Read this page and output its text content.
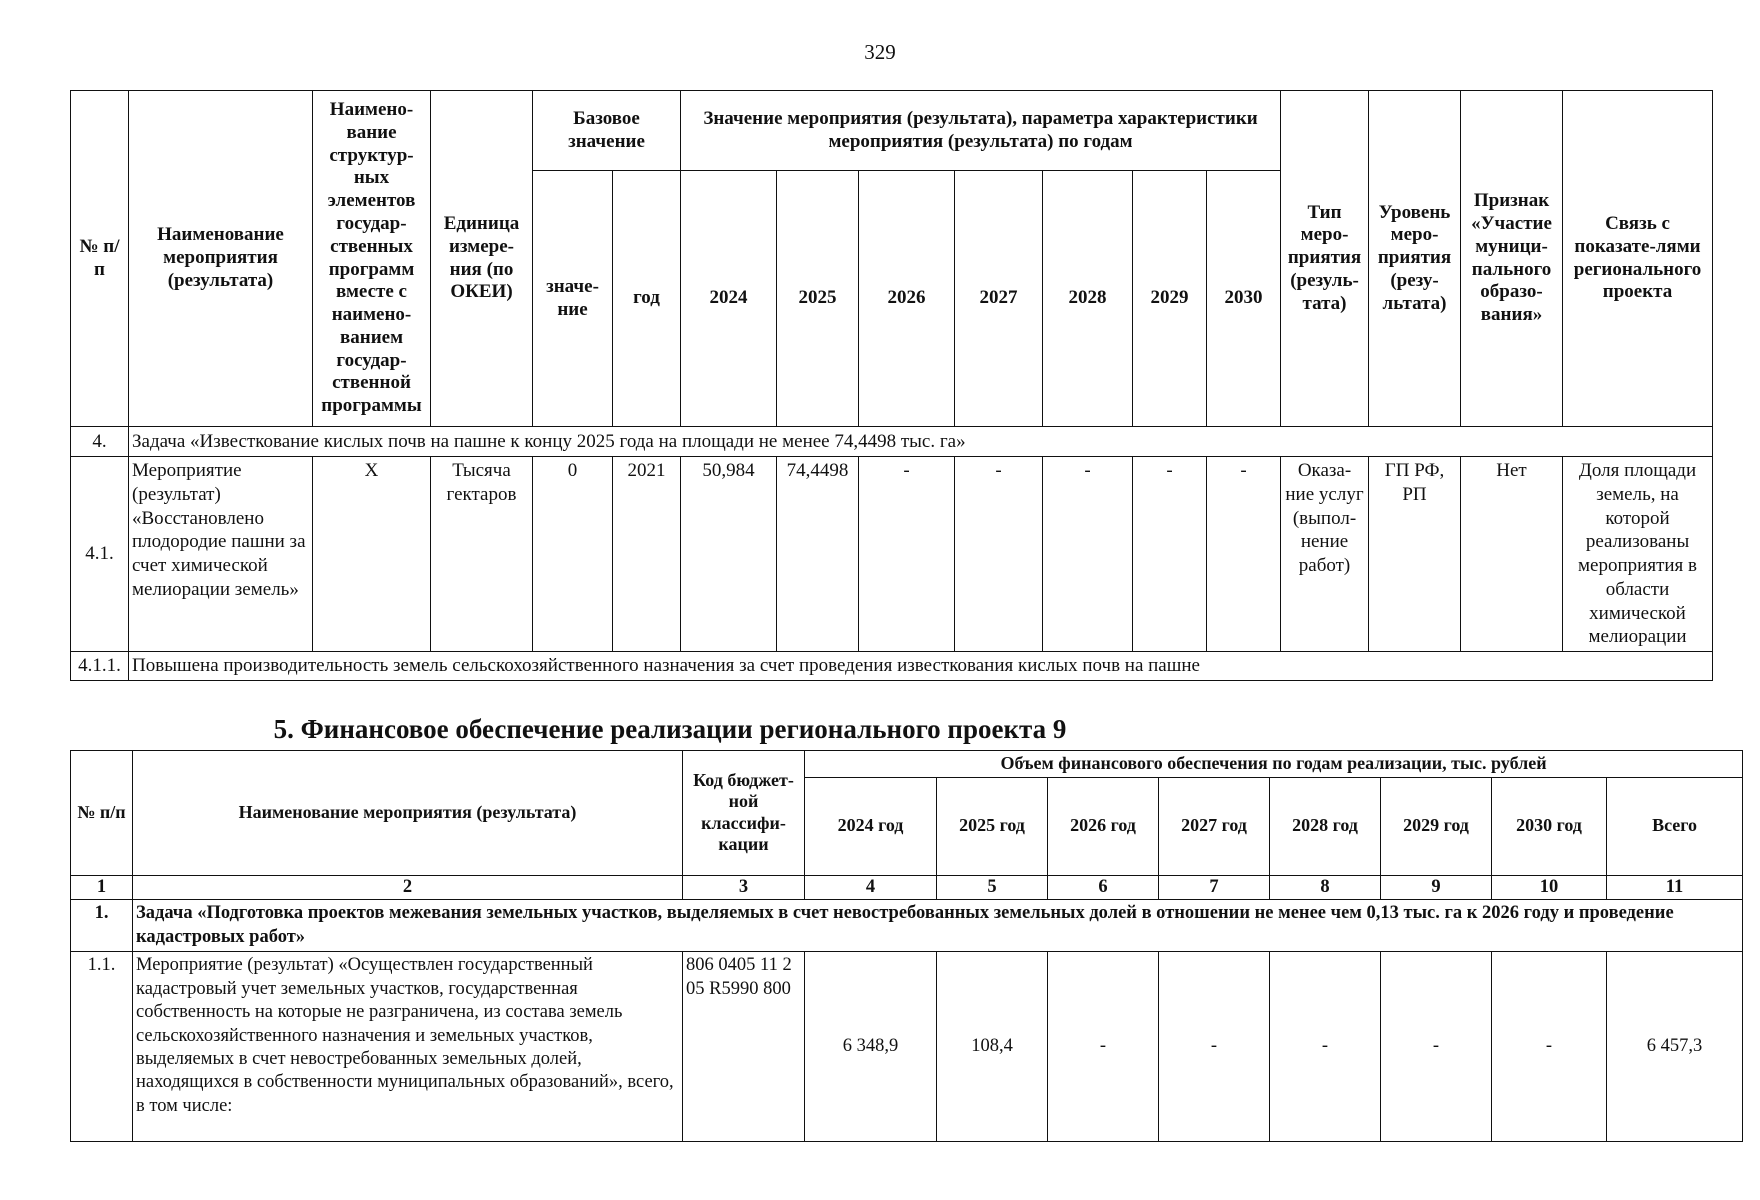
329
№ п/п	Наименование мероприятия (результата)	Наимено-вание структур-ных элементов государ-ственных программ вместе с наимено-ванием государ-ственной программы	Единица измере-ния (по ОКЕИ)	Базовое значение		Значение мероприятия (результата), параметра характеристики мероприятия (результата) по годам							Тип меро-приятия (резуль-тата)	Уровень меро-приятия (резу-льтата)	Признак «Участие муници-пального образо-вания»	Связь с показате-лями регионального проекта
				значе-ние	год	2024	2025	2026	2027	2028	2029	2030				

4.	Задача «Известкование кислых почв на пашне к концу 2025 года на площади не менее 74,4498 тыс. га»															
4.1.	Мероприятие (результат) «Восстановлено плодородие пашни за счет химической мелиорации земель»	X	Тысяча гектаров	0	2021	50,984	74,4498	-	-	-	-	-	Оказа-ние услуг (выпол-нение работ)	ГП РФ, РП	Нет	Доля площади земель, на которой реализованы мероприятия в области химической мелиорации
4.1.1.	Повышена производительность земель сельскохозяйственного назначения за счет проведения известкования кислых почв на пашне															
5. Финансовое обеспечение реализации регионального проекта 9
№ п/п	Наименование мероприятия (результата)	Код бюджет-ной классифи-кации	Объем финансового обеспечения по годам реализации, тыс. рублей							
			2024 год	2025 год	2026 год	2027 год	2028 год	2029 год	2030 год	Всего
1	2	3	4	5	6	7	8	9	10	11
1.	Задача «Подготовка проектов межевания земельных участков, выделяемых в счет невостребованных земельных долей в отношении не менее чем 0,13 тыс. га к 2026 году и проведение кадастровых работ»									
1.1.	Мероприятие (результат) «Осуществлен государственный кадастровый учет земельных участков, государственная собственность на которые не разграничена, из состава земель сельскохозяйственного назначения и земельных участков, выделяемых в счет невостребованных земельных долей, находящихся в собственности муниципальных образований», всего, в том числе:	806 0405 11 2 05 R5990 800	6 348,9	108,4	-	-	-	-	-	6 457,3
